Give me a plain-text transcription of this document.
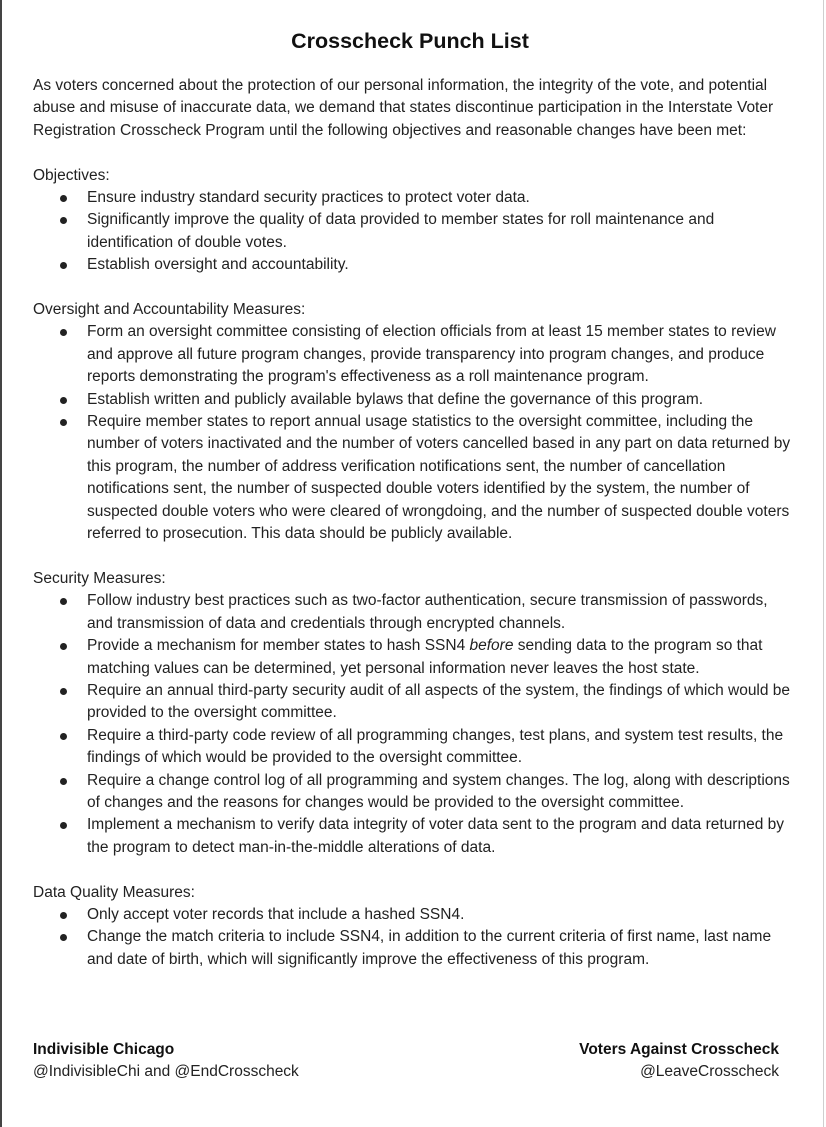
Crosscheck Punch List

As voters concerned about the protection of our personal information, the integrity of the vote, and potential abuse and misuse of inaccurate data, we demand that states discontinue participation in the Interstate Voter Registration Crosscheck Program until the following objectives and reasonable changes have been met:

Objectives:

Ensure industry standard security practices to protect voter data.
Significantly improve the quality of data provided to member states for roll maintenance and identification of double votes.
Establish oversight and accountability.

Oversight and Accountability Measures:

Form an oversight committee consisting of election officials from at least 15 member states to review and approve all future program changes, provide transparency into program changes, and produce reports demonstrating the program's effectiveness as a roll maintenance program.
Establish written and publicly available bylaws that define the governance of this program.
Require member states to report annual usage statistics to the oversight committee, including the number of voters inactivated and the number of voters cancelled based in any part on data returned by this program, the number of address verification notifications sent, the number of cancellation notifications sent, the number of suspected double voters identified by the system, the number of suspected double voters who were cleared of wrongdoing, and the number of suspected double voters referred to prosecution. This data should be publicly available.

Security Measures:

Follow industry best practices such as two-factor authentication, secure transmission of passwords, and transmission of data and credentials through encrypted channels.
Provide a mechanism for member states to hash SSN4 before sending data to the program so that matching values can be determined, yet personal information never leaves the host state.
Require an annual third-party security audit of all aspects of the system, the findings of which would be provided to the oversight committee.
Require a third-party code review of all programming changes, test plans, and system test results, the findings of which would be provided to the oversight committee.
Require a change control log of all programming and system changes. The log, along with descriptions of changes and the reasons for changes would be provided to the oversight committee.
Implement a mechanism to verify data integrity of voter data sent to the program and data returned by the program to detect man-in-the-middle alterations of data.

Data Quality Measures:

Only accept voter records that include a hashed SSN4.
Change the match criteria to include SSN4, in addition to the current criteria of first name, last name and date of birth, which will significantly improve the effectiveness of this program.
Indivisible Chicago
@IndivisibleChi and @EndCrosscheck
Voters Against Crosscheck
@LeaveCrosscheck
